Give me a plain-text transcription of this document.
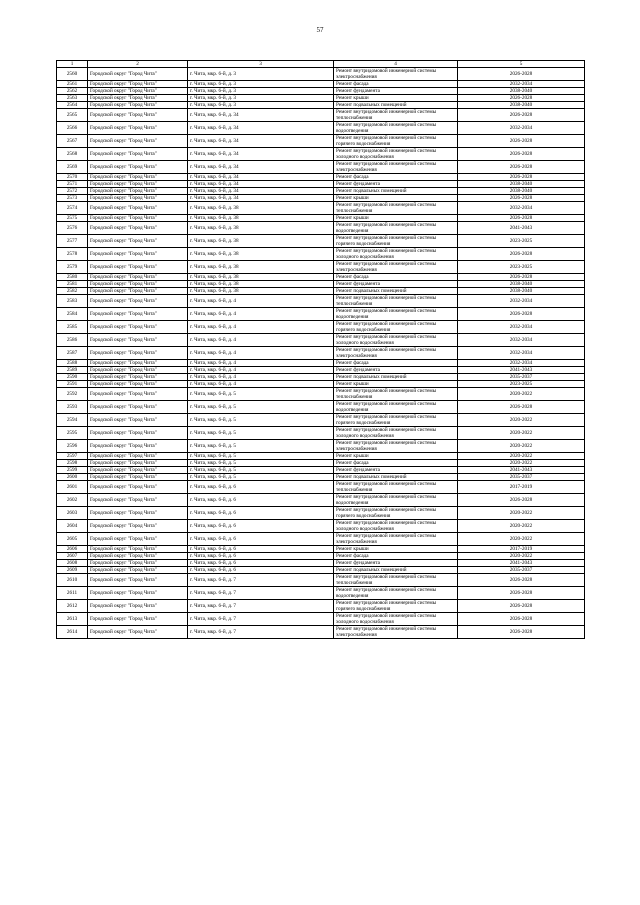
57
1	2	3	4	5
2560	Городской округ "Город Чита"	г. Чита, мкр. 6-й, д. 3	Ремонт внутридомовой инженерной системы электроснабжения	2026-2028
2561	Городской округ "Город Чита"	г. Чита, мкр. 6-й, д. 3	Ремонт фасада	2032-2034
2562	Городской округ "Город Чита"	г. Чита, мкр. 6-й, д. 3	Ремонт фундамента	2038-2040
2563	Городской округ "Город Чита"	г. Чита, мкр. 6-й, д. 3	Ремонт крыши	2026-2028
2564	Городской округ "Город Чита"	г. Чита, мкр. 6-й, д. 3	Ремонт подвальных помещений	2038-2040
2565	Городской округ "Город Чита"	г. Чита, мкр. 6-й, д. 34	Ремонт внутридомовой инженерной системы теплоснабжения	2026-2028
2566	Городской округ "Город Чита"	г. Чита, мкр. 6-й, д. 34	Ремонт внутридомовой инженерной системы водоотведения	2032-2034
2567	Городской округ "Город Чита"	г. Чита, мкр. 6-й, д. 34	Ремонт внутридомовой инженерной системы горячего водоснабжения	2026-2028
2568	Городской округ "Город Чита"	г. Чита, мкр. 6-й, д. 34	Ремонт внутридомовой инженерной системы холодного водоснабжения	2026-2028
2569	Городской округ "Город Чита"	г. Чита, мкр. 6-й, д. 34	Ремонт внутридомовой инженерной системы электроснабжения	2026-2028
2570	Городской округ "Город Чита"	г. Чита, мкр. 6-й, д. 34	Ремонт фасада	2026-2028
2571	Городской округ "Город Чита"	г. Чита, мкр. 6-й, д. 34	Ремонт фундамента	2038-2040
2572	Городской округ "Город Чита"	г. Чита, мкр. 6-й, д. 34	Ремонт подвальных помещений	2038-2040
2573	Городской округ "Город Чита"	г. Чита, мкр. 6-й, д. 34	Ремонт крыши	2026-2028
2574	Городской округ "Город Чита"	г. Чита, мкр. 6-й, д. 38	Ремонт внутридомовой инженерной системы теплоснабжения	2032-2034
2575	Городской округ "Город Чита"	г. Чита, мкр. 6-й, д. 38	Ремонт крыши	2026-2028
2576	Городской округ "Город Чита"	г. Чита, мкр. 6-й, д. 38	Ремонт внутридомовой инженерной системы водоотведения	2041-2043
2577	Городской округ "Город Чита"	г. Чита, мкр. 6-й, д. 38	Ремонт внутридомовой инженерной системы горячего водоснабжения	2023-2025
2578	Городской округ "Город Чита"	г. Чита, мкр. 6-й, д. 38	Ремонт внутридомовой инженерной системы холодного водоснабжения	2026-2028
2579	Городской округ "Город Чита"	г. Чита, мкр. 6-й, д. 38	Ремонт внутридомовой инженерной системы электроснабжения	2023-2025
2580	Городской округ "Город Чита"	г. Чита, мкр. 6-й, д. 38	Ремонт фасада	2026-2028
2581	Городской округ "Город Чита"	г. Чита, мкр. 6-й, д. 38	Ремонт фундамента	2038-2040
2582	Городской округ "Город Чита"	г. Чита, мкр. 6-й, д. 38	Ремонт подвальных помещений	2038-2040
2583	Городской округ "Город Чита"	г. Чита, мкр. 6-й, д. 4	Ремонт внутридомовой инженерной системы теплоснабжения	2032-2034
2584	Городской округ "Город Чита"	г. Чита, мкр. 6-й, д. 4	Ремонт внутридомовой инженерной системы водоотведения	2026-2028
2585	Городской округ "Город Чита"	г. Чита, мкр. 6-й, д. 4	Ремонт внутридомовой инженерной системы горячего водоснабжения	2032-2034
2586	Городской округ "Город Чита"	г. Чита, мкр. 6-й, д. 4	Ремонт внутридомовой инженерной системы холодного водоснабжения	2032-2034
2587	Городской округ "Город Чита"	г. Чита, мкр. 6-й, д. 4	Ремонт внутридомовой инженерной системы электроснабжения	2032-2034
2588	Городской округ "Город Чита"	г. Чита, мкр. 6-й, д. 4	Ремонт фасада	2032-2034
2589	Городской округ "Город Чита"	г. Чита, мкр. 6-й, д. 4	Ремонт фундамента	2041-2043
2590	Городской округ "Город Чита"	г. Чита, мкр. 6-й, д. 4	Ремонт подвальных помещений	2035-2037
2591	Городской округ "Город Чита"	г. Чита, мкр. 6-й, д. 4	Ремонт крыши	2023-2025
2592	Городской округ "Город Чита"	г. Чита, мкр. 6-й, д. 5	Ремонт внутридомовой инженерной системы теплоснабжения	2020-2022
2593	Городской округ "Город Чита"	г. Чита, мкр. 6-й, д. 5	Ремонт внутридомовой инженерной системы водоотведения	2026-2028
2594	Городской округ "Город Чита"	г. Чита, мкр. 6-й, д. 5	Ремонт внутридомовой инженерной системы горячего водоснабжения	2020-2022
2595	Городской округ "Город Чита"	г. Чита, мкр. 6-й, д. 5	Ремонт внутридомовой инженерной системы холодного водоснабжения	2020-2022
2596	Городской округ "Город Чита"	г. Чита, мкр. 6-й, д. 5	Ремонт внутридомовой инженерной системы электроснабжения	2020-2022
2597	Городской округ "Город Чита"	г. Чита, мкр. 6-й, д. 5	Ремонт крыши	2020-2022
2598	Городской округ "Город Чита"	г. Чита, мкр. 6-й, д. 5	Ремонт фасада	2020-2022
2599	Городской округ "Город Чита"	г. Чита, мкр. 6-й, д. 5	Ремонт фундамента	2041-2043
2600	Городской округ "Город Чита"	г. Чита, мкр. 6-й, д. 5	Ремонт подвальных помещений	2035-2037
2601	Городской округ "Город Чита"	г. Чита, мкр. 6-й, д. 6	Ремонт внутридомовой инженерной системы теплоснабжения	2017-2019
2602	Городской округ "Город Чита"	г. Чита, мкр. 6-й, д. 6	Ремонт внутридомовой инженерной системы водоотведения	2026-2028
2603	Городской округ "Город Чита"	г. Чита, мкр. 6-й, д. 6	Ремонт внутридомовой инженерной системы горячего водоснабжения	2020-2022
2604	Городской округ "Город Чита"	г. Чита, мкр. 6-й, д. 6	Ремонт внутридомовой инженерной системы холодного водоснабжения	2020-2022
2605	Городской округ "Город Чита"	г. Чита, мкр. 6-й, д. 6	Ремонт внутридомовой инженерной системы электроснабжения	2020-2022
2606	Городской округ "Город Чита"	г. Чита, мкр. 6-й, д. 6	Ремонт крыши	2017-2019
2607	Городской округ "Город Чита"	г. Чита, мкр. 6-й, д. 6	Ремонт фасада	2020-2022
2608	Городской округ "Город Чита"	г. Чита, мкр. 6-й, д. 6	Ремонт фундамента	2041-2043
2609	Городской округ "Город Чита"	г. Чита, мкр. 6-й, д. 6	Ремонт подвальных помещений	2035-2037
2610	Городской округ "Город Чита"	г. Чита, мкр. 6-й, д. 7	Ремонт внутридомовой инженерной системы теплоснабжения	2026-2028
2611	Городской округ "Город Чита"	г. Чита, мкр. 6-й, д. 7	Ремонт внутридомовой инженерной системы водоотведения	2026-2028
2612	Городской округ "Город Чита"	г. Чита, мкр. 6-й, д. 7	Ремонт внутридомовой инженерной системы горячего водоснабжения	2026-2028
2613	Городской округ "Город Чита"	г. Чита, мкр. 6-й, д. 7	Ремонт внутридомовой инженерной системы холодного водоснабжения	2026-2028
2614	Городской округ "Город Чита"	г. Чита, мкр. 6-й, д. 7	Ремонт внутридомовой инженерной системы электроснабжения	2026-2028
